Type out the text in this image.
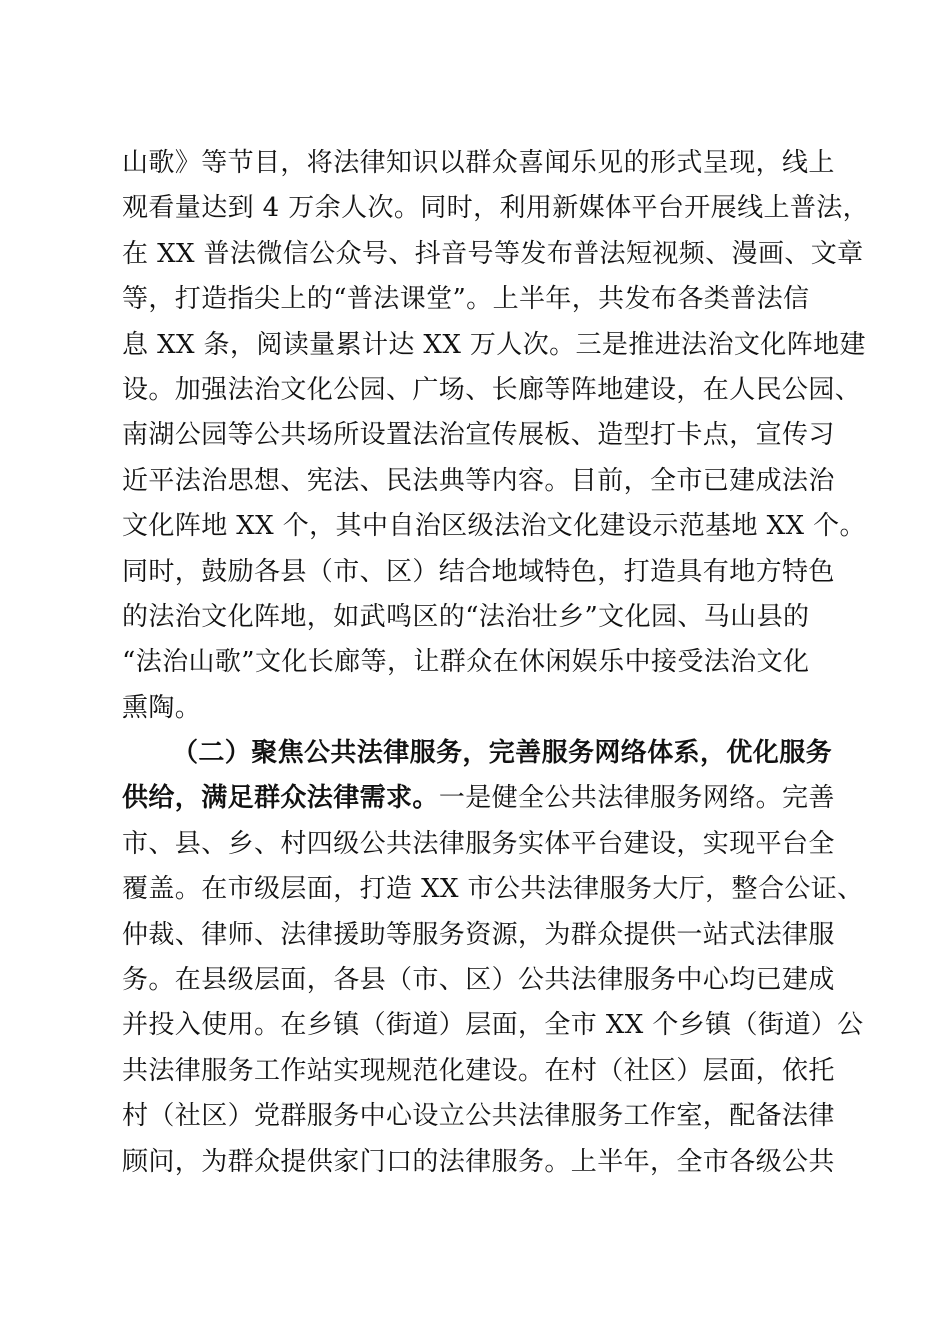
山歌》等节目，将法律知识以群众喜闻乐见的形式呈现，线上
观看量达到 4 万余人次。同时，利用新媒体平台开展线上普法，
在 XX 普法微信公众号、抖音号等发布普法短视频、漫画、文章
等，打造指尖上的“普法课堂”。上半年，共发布各类普法信
息 XX 条，阅读量累计达 XX 万人次。三是推进法治文化阵地建
设。加强法治文化公园、广场、长廊等阵地建设，在人民公园、
南湖公园等公共场所设置法治宣传展板、造型打卡点，宣传习
近平法治思想、宪法、民法典等内容。目前，全市已建成法治
文化阵地 XX 个，其中自治区级法治文化建设示范基地 XX 个。
同时，鼓励各县（市、区）结合地域特色，打造具有地方特色
的法治文化阵地，如武鸣区的“法治壮乡”文化园、马山县的
“法治山歌”文化长廊等，让群众在休闲娱乐中接受法治文化
熏陶。
（二）聚焦公共法律服务，完善服务网络体系，优化服务
供给，满足群众法律需求。一是健全公共法律服务网络。完善
市、县、乡、村四级公共法律服务实体平台建设，实现平台全
覆盖。在市级层面，打造 XX 市公共法律服务大厅，整合公证、
仲裁、律师、法律援助等服务资源，为群众提供一站式法律服
务。在县级层面，各县（市、区）公共法律服务中心均已建成
并投入使用。在乡镇（街道）层面，全市 XX 个乡镇（街道）公
共法律服务工作站实现规范化建设。在村（社区）层面，依托
村（社区）党群服务中心设立公共法律服务工作室，配备法律
顾问，为群众提供家门口的法律服务。上半年，全市各级公共
